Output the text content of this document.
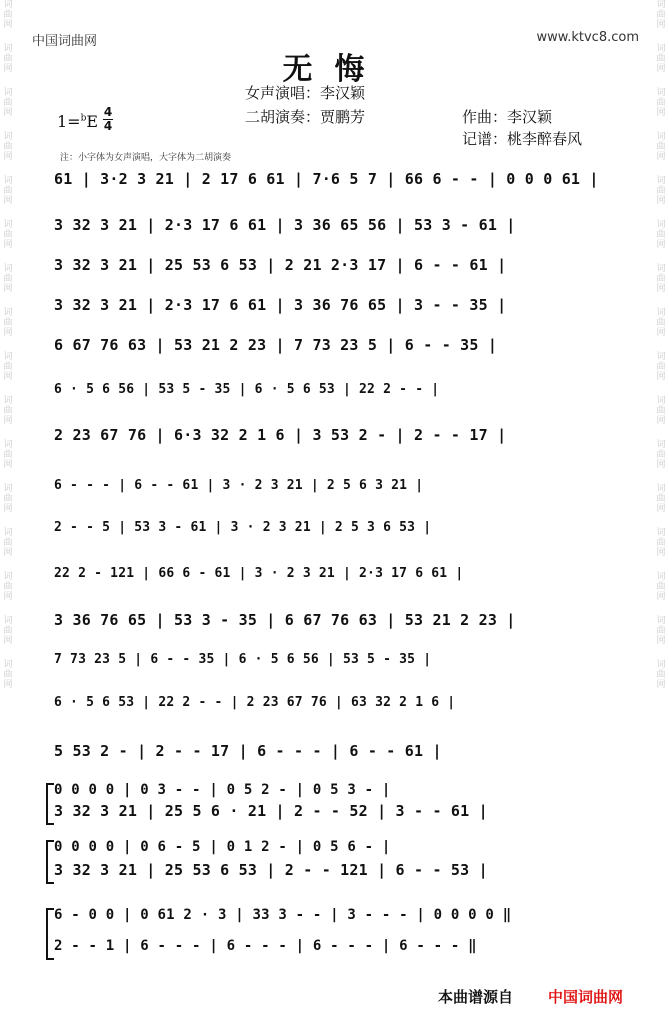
词
曲
网
词
曲
网
词
曲
网
词
曲
网
词
曲
网
词
曲
网
词
曲
网
词
曲
网
词
曲
网
词
曲
网
词
曲
网
词
曲
网
词
曲
网
词
曲
网
词
曲
网
词
曲
网
词
曲
网
词
曲
网
词
曲
网
词
曲
网
词
曲
网
词
曲
网
词
曲
网
词
曲
网
词
曲
网
词
曲
网
词
曲
网
词
曲
网
词
曲
网
词
曲
网
词
曲
网
词
曲
网
中国词曲网	www.ktvc8.com
无悔
女声演唱：李汉颖
二胡演奏：贾鹏芳	作曲：李汉颖
记谱：桃李醉春风
1=$^b$E 4
4
注：小字体为女声演唱，大字体为二胡演奏
61 | 3·2 3 21 | 2 17 6 61 | 7·6 5 7 | 66 6 - - | 0 0 0 61 |
3 32 3 21 | 2·3 17 6 61 | 3 36 65 56 | 53 3 - 61 |
3 32 3 21 | 25 53 6 53 | 2 21 2·3 17 | 6 - - 61 |
3 32 3 21 | 2·3 17 6 61 | 3 36 76 65 | 3 - - 35 |
6 67 76 63 | 53 21 2 23 | 7 73 23 5 | 6 - - 35 |
6 · 5 6 56 | 53 5 - 35 | 6 · 5 6 53 | 22 2 - - |
2 23 67 76 | 6·3 32 2 1 6 | 3 53 2 - | 2 - - 17 |
6 - - - | 6 - - 61 | 3 · 2 3 21 | 2 5 6 3 21 |
2 - - 5 | 53 3 - 61 | 3 · 2 3 21 | 2 5 3 6 53 |
22 2 - 121 | 66 6 - 61 | 3 · 2 3 21 | 2·3 17 6 61 |
3 36 76 65 | 53 3 - 35 | 6 67 76 63 | 53 21 2 23 |
7 73 23 5 | 6 - - 35 | 6 · 5 6 56 | 53 5 - 35 |
6 · 5 6 53 | 22 2 - - | 2 23 67 76 | 63 32 2 1 6 |
5 53 2 - | 2 - - 17 | 6 - - - | 6 - - 61 |
0 0 0 0 | 0 3 - - | 0 5 2 - | 0 5 3 - |
3 32 3 21 | 25 5 6 · 21 | 2 - - 52 | 3 - - 61 |
0 0 0 0 | 0 6 - 5 | 0 1 2 - | 0 5 6 - |
3 32 3 21 | 25 53 6 53 | 2 - - 121 | 6 - - 53 |
6 - 0 0 | 0 61 2 · 3 | 33 3 - - | 3 - - - | 0 0 0 0 ‖
2 - - 1 | 6 - - - | 6 - - - | 6 - - - | 6 - - - ‖
本曲谱源自 中国词曲网
